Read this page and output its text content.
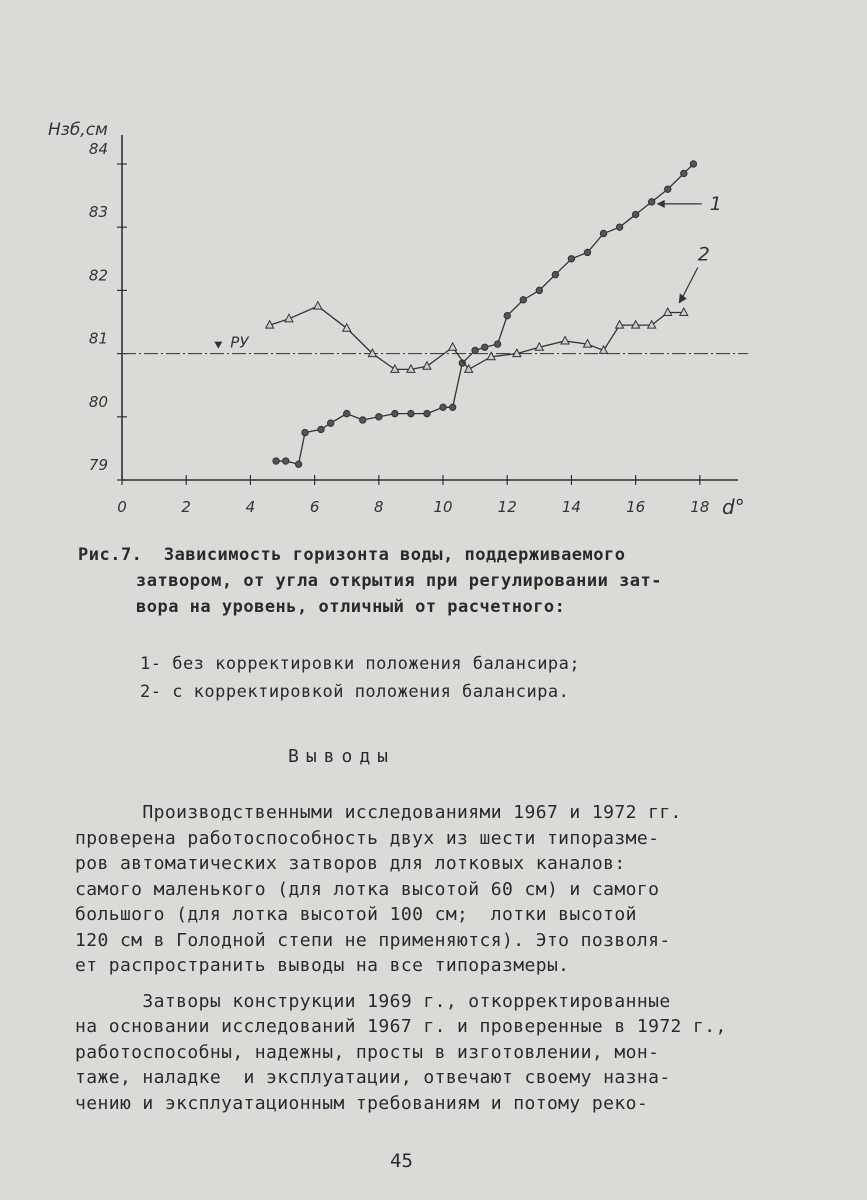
0	2	4	6	8	10	12	14	16	18
79
80
81
82
83
84
РУ
1
2
Hзб,см
d°
Рис.7.  Зависимость горизонта воды, поддерживаемого
затвором, от угла открытия при регулировании зат-
вора на уровень, отличный от расчетного:
1- без корректировки положения балансира;
2- с корректировкой положения балансира.
Выводы
Производственными исследованиями 1967 и 1972 гг.
проверена работоспособность двух из шести типоразме-
ров автоматических затворов для лотковых каналов:
самого маленького (для лотка высотой 60 см) и самого
большого (для лотка высотой 100 см;  лотки высотой
120 см в Голодной степи не применяются). Это позволя-
ет распространить выводы на все типоразмеры.
Затворы конструкции 1969 г., откорректированные
на основании исследований 1967 г. и проверенные в 1972 г.,
работоспособны, надежны, просты в изготовлении, мон-
таже, наладке  и эксплуатации, отвечают своему назна-
чению и эксплуатационным требованиям и потому реко-
45
